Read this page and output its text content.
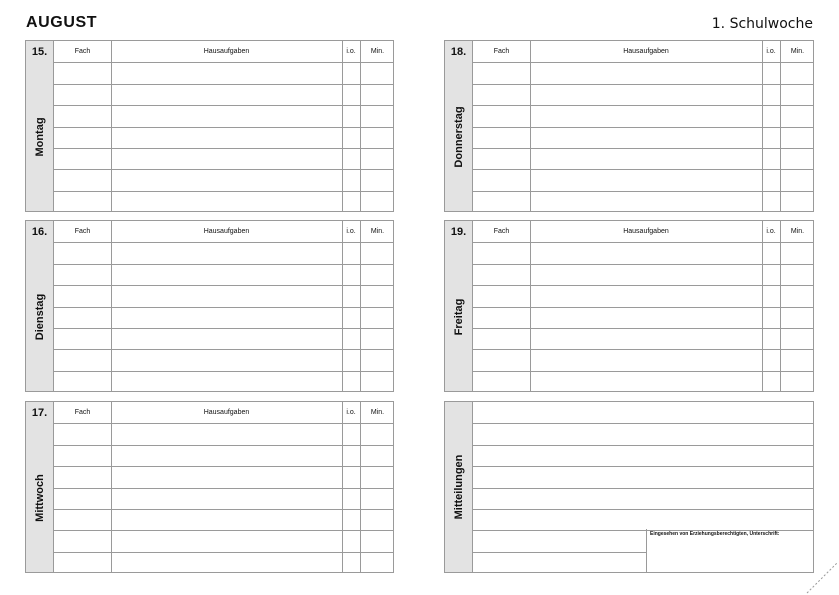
AUGUST	1. Schulwoche
15.
Montag
Fach	Hausaufgaben	i.o.	Min.
16.
Dienstag
Fach	Hausaufgaben	i.o.	Min.
17.
Mittwoch
Fach	Hausaufgaben	i.o.	Min.
18.
Donnerstag
Fach	Hausaufgaben	i.o.	Min.
19.
Freitag
Fach	Hausaufgaben	i.o.	Min.
Mitteilungen
Eingesehen von Erziehungsberechtigten, Unterschrift:
